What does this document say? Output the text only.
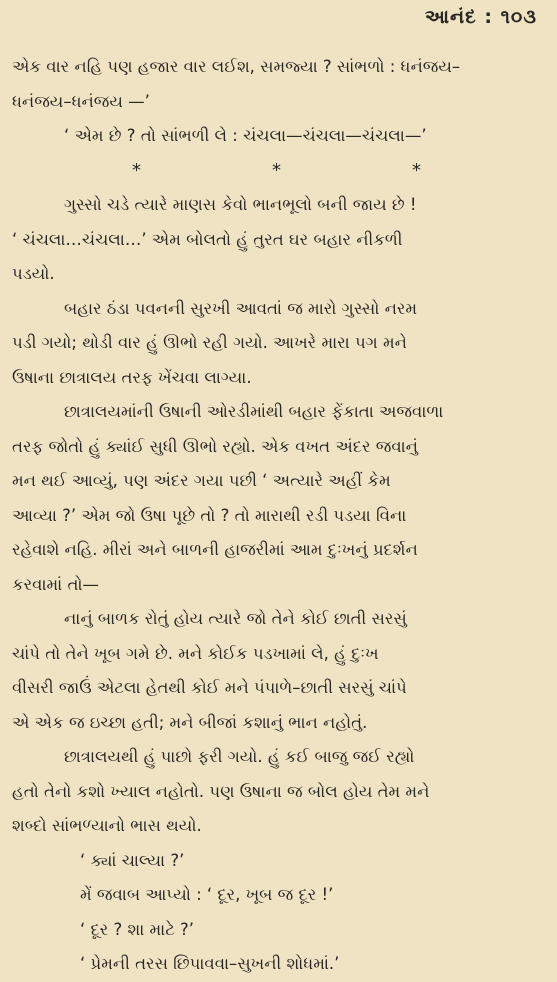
આનંદ : ૧૦૩

એક વાર નહિ પણ હજાર વાર લઈશ, સમજ્યા ? સાંભળો : ધનંજય–

ધનંજય–ધનંજય —’

‘ એમ છે ? તો સાંભળી લે : ચંચલા—ચંચલા—ચંચલા—’

*	*	*

ગુસ્સો ચડે ત્યારે માણસ કેવો ભાનભૂલો બની જાય છે !

‘ ચંચલા…ચંચલા…’ એમ બોલતો હું તુરત ઘર બહાર નીકળી

પડયો.

બહાર ઠંડા પવનની સુરખી આવતાં જ મારો ગુસ્સો નરમ

પડી ગયો; થોડી વાર હું ઊભો રહી ગયો. આખરે મારા પગ મને

ઉષાના છાત્રાલય તરફ ખેંચવા લાગ્યા.

છાત્રાલયમાંની ઉષાની ઓરડીમાંથી બહાર ફેંકાતા અજવાળા

તરફ જોતો હું ક્યાંઈ સુધી ઊભો રહ્યો. એક વખત અંદર જવાનું

મન થઈ આવ્યું, પણ અંદર ગયા પછી ‘ અત્યારે અહીં કેમ

આવ્યા ?’ એમ જો ઉષા પૂછે તો ? તો મારાથી રડી પડયા વિના

રહેવાશે નહિ. મીરાં અને બાળની હાજરીમાં આમ દુઃખનું પ્રદર્શન

કરવામાં તો—

નાનું બાળક રોતું હોય ત્યારે જો તેને કોઈ છાતી સરસું

ચાંપે તો તેને ખૂબ ગમે છે. મને કોઈક પડખામાં લે, હું દુઃખ

વીસરી જાઉં એટલા હેતથી કોઈ મને પંપાળે–છાતી સરસું ચાંપે

એ એક જ ઇચ્છા હતી; મને બીજાં કશાનું ભાન નહોતું.

છાત્રાલયથી હું પાછો ફરી ગયો. હું કઈ બાજુ જઈ રહ્યો

હતો તેનો કશો ખ્યાલ નહોતો. પણ ઉષાના જ બોલ હોય તેમ મને

શબ્દો સાંભળ્યાનો ભાસ થયો.

‘ ક્યાં ચાલ્યા ?’

મેં જવાબ આપ્યો : ‘ દૂર, ખૂબ જ દૂર !’

‘ દૂર ? શા માટે ?’

‘ પ્રેમની તરસ છિપાવવા–સુખની શોધમાં.’
